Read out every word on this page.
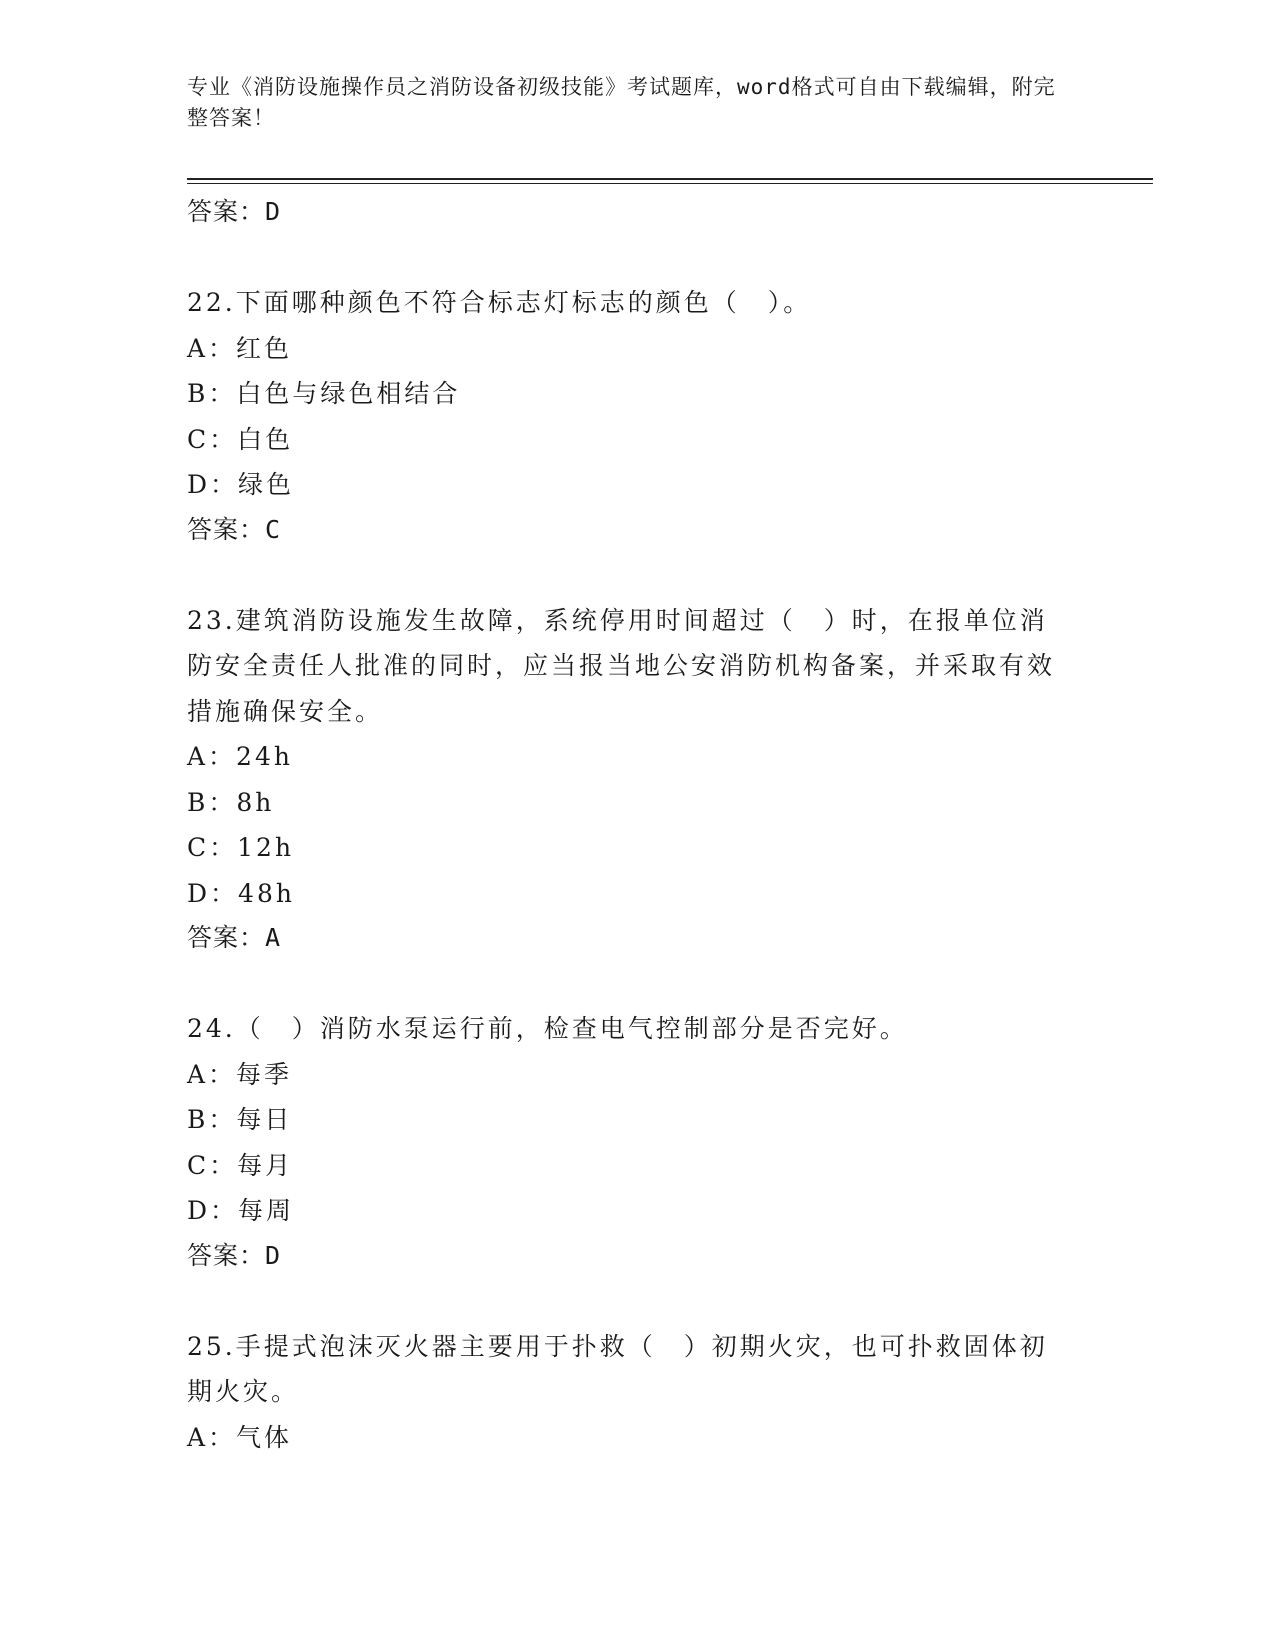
专业《消防设施操作员之消防设备初级技能》考试题库，word格式可自由下载编辑，附完整答案！
答案：D
22.下面哪种颜色不符合标志灯标志的颜色（　）。
A：红色
B：白色与绿色相结合
C：白色
D：绿色
答案：C
23.建筑消防设施发生故障，系统停用时间超过（　）时，在报单位消防安全责任人批准的同时，应当报当地公安消防机构备案，并采取有效措施确保安全。
A：24h
B：8h
C：12h
D：48h
答案：A
24.（　）消防水泵运行前，检查电气控制部分是否完好。
A：每季
B：每日
C：每月
D：每周
答案：D
25.手提式泡沫灭火器主要用于扑救（　）初期火灾，也可扑救固体初期火灾。
A：气体
